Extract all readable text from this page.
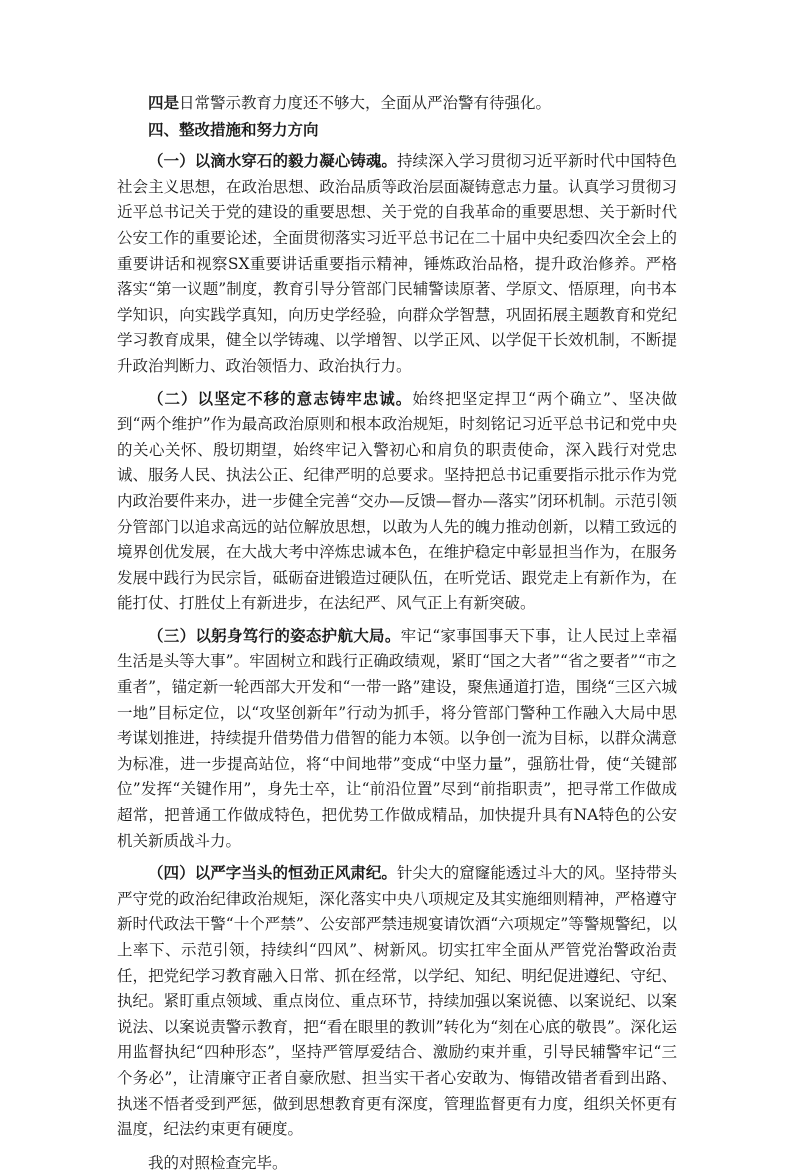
四是日常警示教育力度还不够大，全面从严治警有待强化。

四、整改措施和努力方向

（一）以滴水穿石的毅力凝心铸魂。持续深入学习贯彻习近平新时代中国特色社会主义思想，在政治思想、政治品质等政治层面凝铸意志力量。认真学习贯彻习近平总书记关于党的建设的重要思想、关于党的自我革命的重要思想、关于新时代公安工作的重要论述，全面贯彻落实习近平总书记在二十届中央纪委四次全会上的重要讲话和视察SX重要讲话重要指示精神，锤炼政治品格，提升政治修养。严格落实“第一议题”制度，教育引导分管部门民辅警读原著、学原文、悟原理，向书本学知识，向实践学真知，向历史学经验，向群众学智慧，巩固拓展主题教育和党纪学习教育成果，健全以学铸魂、以学增智、以学正风、以学促干长效机制，不断提升政治判断力、政治领悟力、政治执行力。

（二）以坚定不移的意志铸牢忠诚。始终把坚定捍卫“两个确立”、坚决做到“两个维护”作为最高政治原则和根本政治规矩，时刻铭记习近平总书记和党中央的关心关怀、殷切期望，始终牢记入警初心和肩负的职责使命，深入践行对党忠诚、服务人民、执法公正、纪律严明的总要求。坚持把总书记重要指示批示作为党内政治要件来办，进一步健全完善“交办—反馈—督办—落实”闭环机制。示范引领分管部门以追求高远的站位解放思想，以敢为人先的魄力推动创新，以精工致远的境界创优发展，在大战大考中淬炼忠诚本色，在维护稳定中彰显担当作为，在服务发展中践行为民宗旨，砥砺奋进锻造过硬队伍，在听党话、跟党走上有新作为，在能打仗、打胜仗上有新进步，在法纪严、风气正上有新突破。

（三）以躬身笃行的姿态护航大局。牢记“家事国事天下事，让人民过上幸福生活是头等大事”。牢固树立和践行正确政绩观，紧盯“国之大者”“省之要者”“市之重者”，锚定新一轮西部大开发和“一带一路”建设，聚焦通道打造，围绕“三区六城一地”目标定位，以“攻坚创新年”行动为抓手，将分管部门警种工作融入大局中思考谋划推进，持续提升借势借力借智的能力本领。以争创一流为目标，以群众满意为标准，进一步提高站位，将“中间地带”变成“中坚力量”，强筋壮骨，使“关键部位”发挥“关键作用”，身先士卒，让“前沿位置”尽到“前指职责”，把寻常工作做成超常，把普通工作做成特色，把优势工作做成精品，加快提升具有NA特色的公安机关新质战斗力。

（四）以严字当头的恒劲正风肃纪。针尖大的窟窿能透过斗大的风。坚持带头严守党的政治纪律政治规矩，深化落实中央八项规定及其实施细则精神，严格遵守新时代政法干警“十个严禁”、公安部严禁违规宴请饮酒“六项规定”等警规警纪，以上率下、示范引领，持续纠“四风”、树新风。切实扛牢全面从严管党治警政治责任，把党纪学习教育融入日常、抓在经常，以学纪、知纪、明纪促进遵纪、守纪、执纪。紧盯重点领域、重点岗位、重点环节，持续加强以案说德、以案说纪、以案说法、以案说责警示教育，把“看在眼里的教训”转化为“刻在心底的敬畏”。深化运用监督执纪“四种形态”，坚持严管厚爱结合、激励约束并重，引导民辅警牢记“三个务必”，让清廉守正者自豪欣慰、担当实干者心安敢为、悔错改错者看到出路、执迷不悟者受到严惩，做到思想教育更有深度，管理监督更有力度，组织关怀更有温度，纪法约束更有硬度。

我的对照检查完毕。
